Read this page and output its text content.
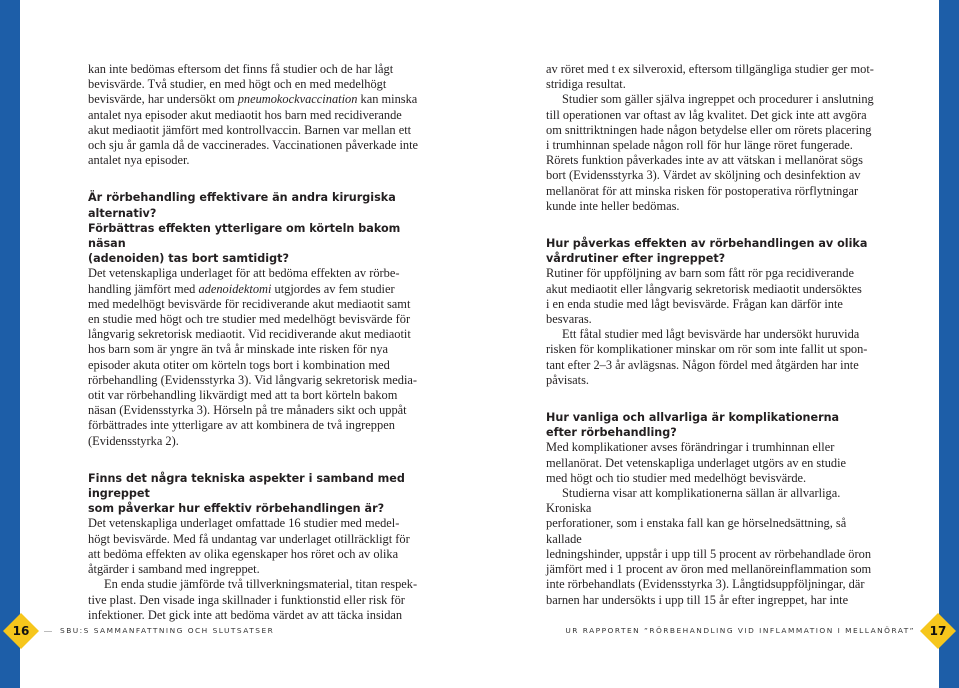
kan inte bedömas eftersom det finns få studier och de har lågt
bevisvärde. Två studier, en med högt och en med medelhögt
bevisvärde, har undersökt om pneumokockvaccination kan minska
antalet nya episoder akut mediaotit hos barn med recidiverande
akut mediaotit jämfört med kontrollvaccin. Barnen var mellan ett
och sju år gamla då de vaccinerades. Vaccinationen påverkade inte
antalet nya episoder.

Är rörbehandling effektivare än andra kirurgiska alternativ?
Förbättras effekten ytterligare om körteln bakom näsan
(adenoiden) tas bort samtidigt?

Det vetenskapliga underlaget för att bedöma effekten av rörbe-
handling jämfört med adenoidektomi utgjordes av fem studier
med medelhögt bevisvärde för recidiverande akut mediaotit samt
en studie med högt och tre studier med medelhögt bevisvärde för
långvarig sekretorisk mediaotit. Vid recidiverande akut mediaotit
hos barn som är yngre än två år minskade inte risken för nya
episoder akuta otiter om körteln togs bort i kombination med
rörbehandling (Evidensstyrka 3). Vid långvarig sekretorisk media-
otit var rörbehandling likvärdigt med att ta bort körteln bakom
näsan (Evidensstyrka 3). Hörseln på tre månaders sikt och uppåt
förbättrades inte ytterligare av att kombinera de två ingreppen
(Evidensstyrka 2).

Finns det några tekniska aspekter i samband med ingreppet
som påverkar hur effektiv rörbehandlingen är?

Det vetenskapliga underlaget omfattade 16 studier med medel-
högt bevisvärde. Med få undantag var underlaget otillräckligt för
att bedöma effekten av olika egenskaper hos röret och av olika
åtgärder i samband med ingreppet.

En enda studie jämförde två tillverkningsmaterial, titan respek-
tive plast. Den visade inga skillnader i funktionstid eller risk för
infektioner. Det gick inte att bedöma värdet av att täcka insidan

av röret med t ex silveroxid, eftersom tillgängliga studier ger mot-
stridiga resultat.

Studier som gäller själva ingreppet och procedurer i anslutning
till operationen var oftast av låg kvalitet. Det gick inte att avgöra
om snittriktningen hade någon betydelse eller om rörets placering
i trumhinnan spelade någon roll för hur länge röret fungerade.
Rörets funktion påverkades inte av att vätskan i mellanörat sögs
bort (Evidensstyrka 3). Värdet av sköljning och desinfektion av
mellanörat för att minska risken för postoperativa rörflytningar
kunde inte heller bedömas.

Hur påverkas effekten av rörbehandlingen av olika
vårdrutiner efter ingreppet?

Rutiner för uppföljning av barn som fått rör pga recidiverande
akut mediaotit eller långvarig sekretorisk mediaotit undersöktes
i en enda studie med lågt bevisvärde. Frågan kan därför inte
besvaras.

Ett fåtal studier med lågt bevisvärde har undersökt huruvida
risken för komplikationer minskar om rör som inte fallit ut spon-
tant efter 2–3 år avlägsnas. Någon fördel med åtgärden har inte
påvisats.

Hur vanliga och allvarliga är komplikationerna
efter rörbehandling?

Med komplikationer avses förändringar i trumhinnan eller
mellanörat. Det vetenskapliga underlaget utgörs av en studie
med högt och tio studier med medelhögt bevisvärde.

Studierna visar att komplikationerna sällan är allvarliga. Kroniska
perforationer, som i enstaka fall kan ge hörselnedsättning, så kallade
ledningshinder, uppstår i upp till 5 procent av rörbehandlade öron
jämfört med i 1 procent av öron med mellanöreinflammation som
inte rörbehandlats (Evidensstyrka 3). Långtidsuppföljningar, där
barnen har undersökts i upp till 15 år efter ingreppet, har inte

16	SBU:S SAMMANFATTNING OCH SLUTSATSER	UR RAPPORTEN ”RÖRBEHANDLING VID INFLAMMATION I MELLANÖRAT”	17
